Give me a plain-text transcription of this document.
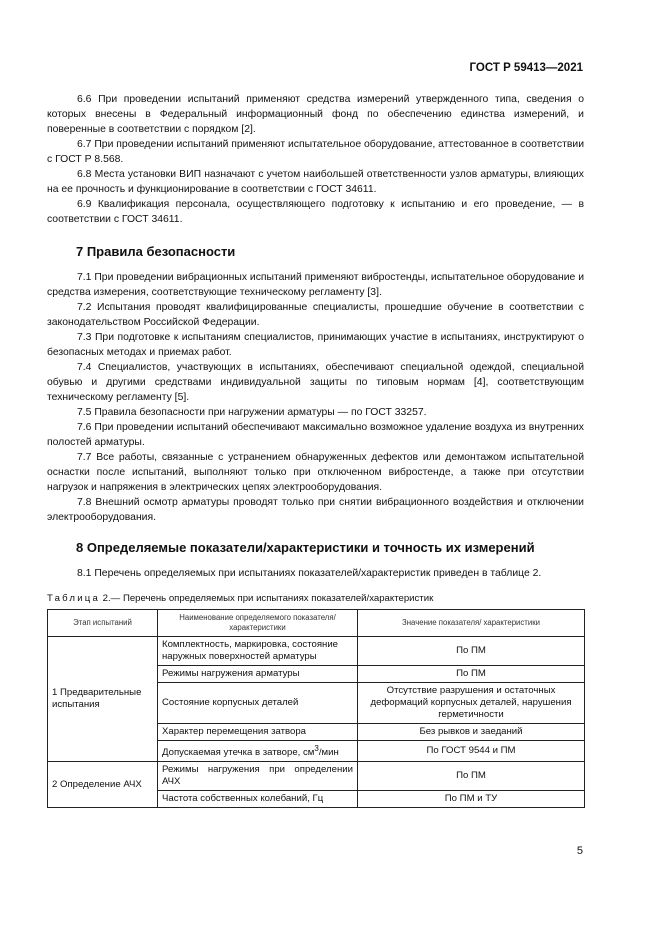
ГОСТ Р 59413—2021

6.6 При проведении испытаний применяют средства измерений утвержденного типа, сведения о которых внесены в Федеральный информационный фонд по обеспечению единства измерений, и поверенные в соответствии с порядком [2].

6.7 При проведении испытаний применяют испытательное оборудование, аттестованное в соответствии с ГОСТ Р 8.568.

6.8 Места установки ВИП назначают с учетом наибольшей ответственности узлов арматуры, влияющих на ее прочность и функционирование в соответствии с ГОСТ 34611.

6.9 Квалификация персонала, осуществляющего подготовку к испытанию и его проведение, — в соответствии с ГОСТ 34611.

7 Правила безопасности

7.1 При проведении вибрационных испытаний применяют вибростенды, испытательное оборудование и средства измерения, соответствующие техническому регламенту [3].

7.2 Испытания проводят квалифицированные специалисты, прошедшие обучение в соответствии с законодательством Российской Федерации.

7.3 При подготовке к испытаниям специалистов, принимающих участие в испытаниях, инструктируют о безопасных методах и приемах работ.

7.4 Специалистов, участвующих в испытаниях, обеспечивают специальной одеждой, специальной обувью и другими средствами индивидуальной защиты по типовым нормам [4], соответствующим техническому регламенту [5].

7.5 Правила безопасности при нагружении арматуры — по ГОСТ 33257.

7.6 При проведении испытаний обеспечивают максимально возможное удаление воздуха из внутренних полостей арматуры.

7.7 Все работы, связанные с устранением обнаруженных дефектов или демонтажом испытательной оснастки после испытаний, выполняют только при отключенном вибростенде, а также при отсутствии нагрузок и напряжения в электрических цепях электрооборудования.

7.8 Внешний осмотр арматуры проводят только при снятии вибрационного воздействия и отключении электрооборудования.

8 Определяемые показатели/характеристики и точность их измерений

8.1 Перечень определяемых при испытаниях показателей/характеристик приведен в таблице 2.

Таблица 2.— Перечень определяемых при испытаниях показателей/характеристик
Этап испытаний	Наименование определяемого показателя/характеристики	Значение показателя/ характеристики
1 Предварительные испытания	Комплектность, маркировка, состояние наружных поверхностей арматуры	По ПМ
	Режимы нагружения арматуры	По ПМ
	Состояние корпусных деталей	Отсутствие разрушения и остаточных деформаций корпусных деталей, нарушения герметичности
	Характер перемещения затвора	Без рывков и заеданий
	Допускаемая утечка в затворе, $см^3$/мин	По ГОСТ 9544 и ПМ
2 Определение АЧХ	Режимы нагружения при определении АЧХ	По ПМ
	Частота собственных колебаний, Гц	По ПМ и ТУ
5
